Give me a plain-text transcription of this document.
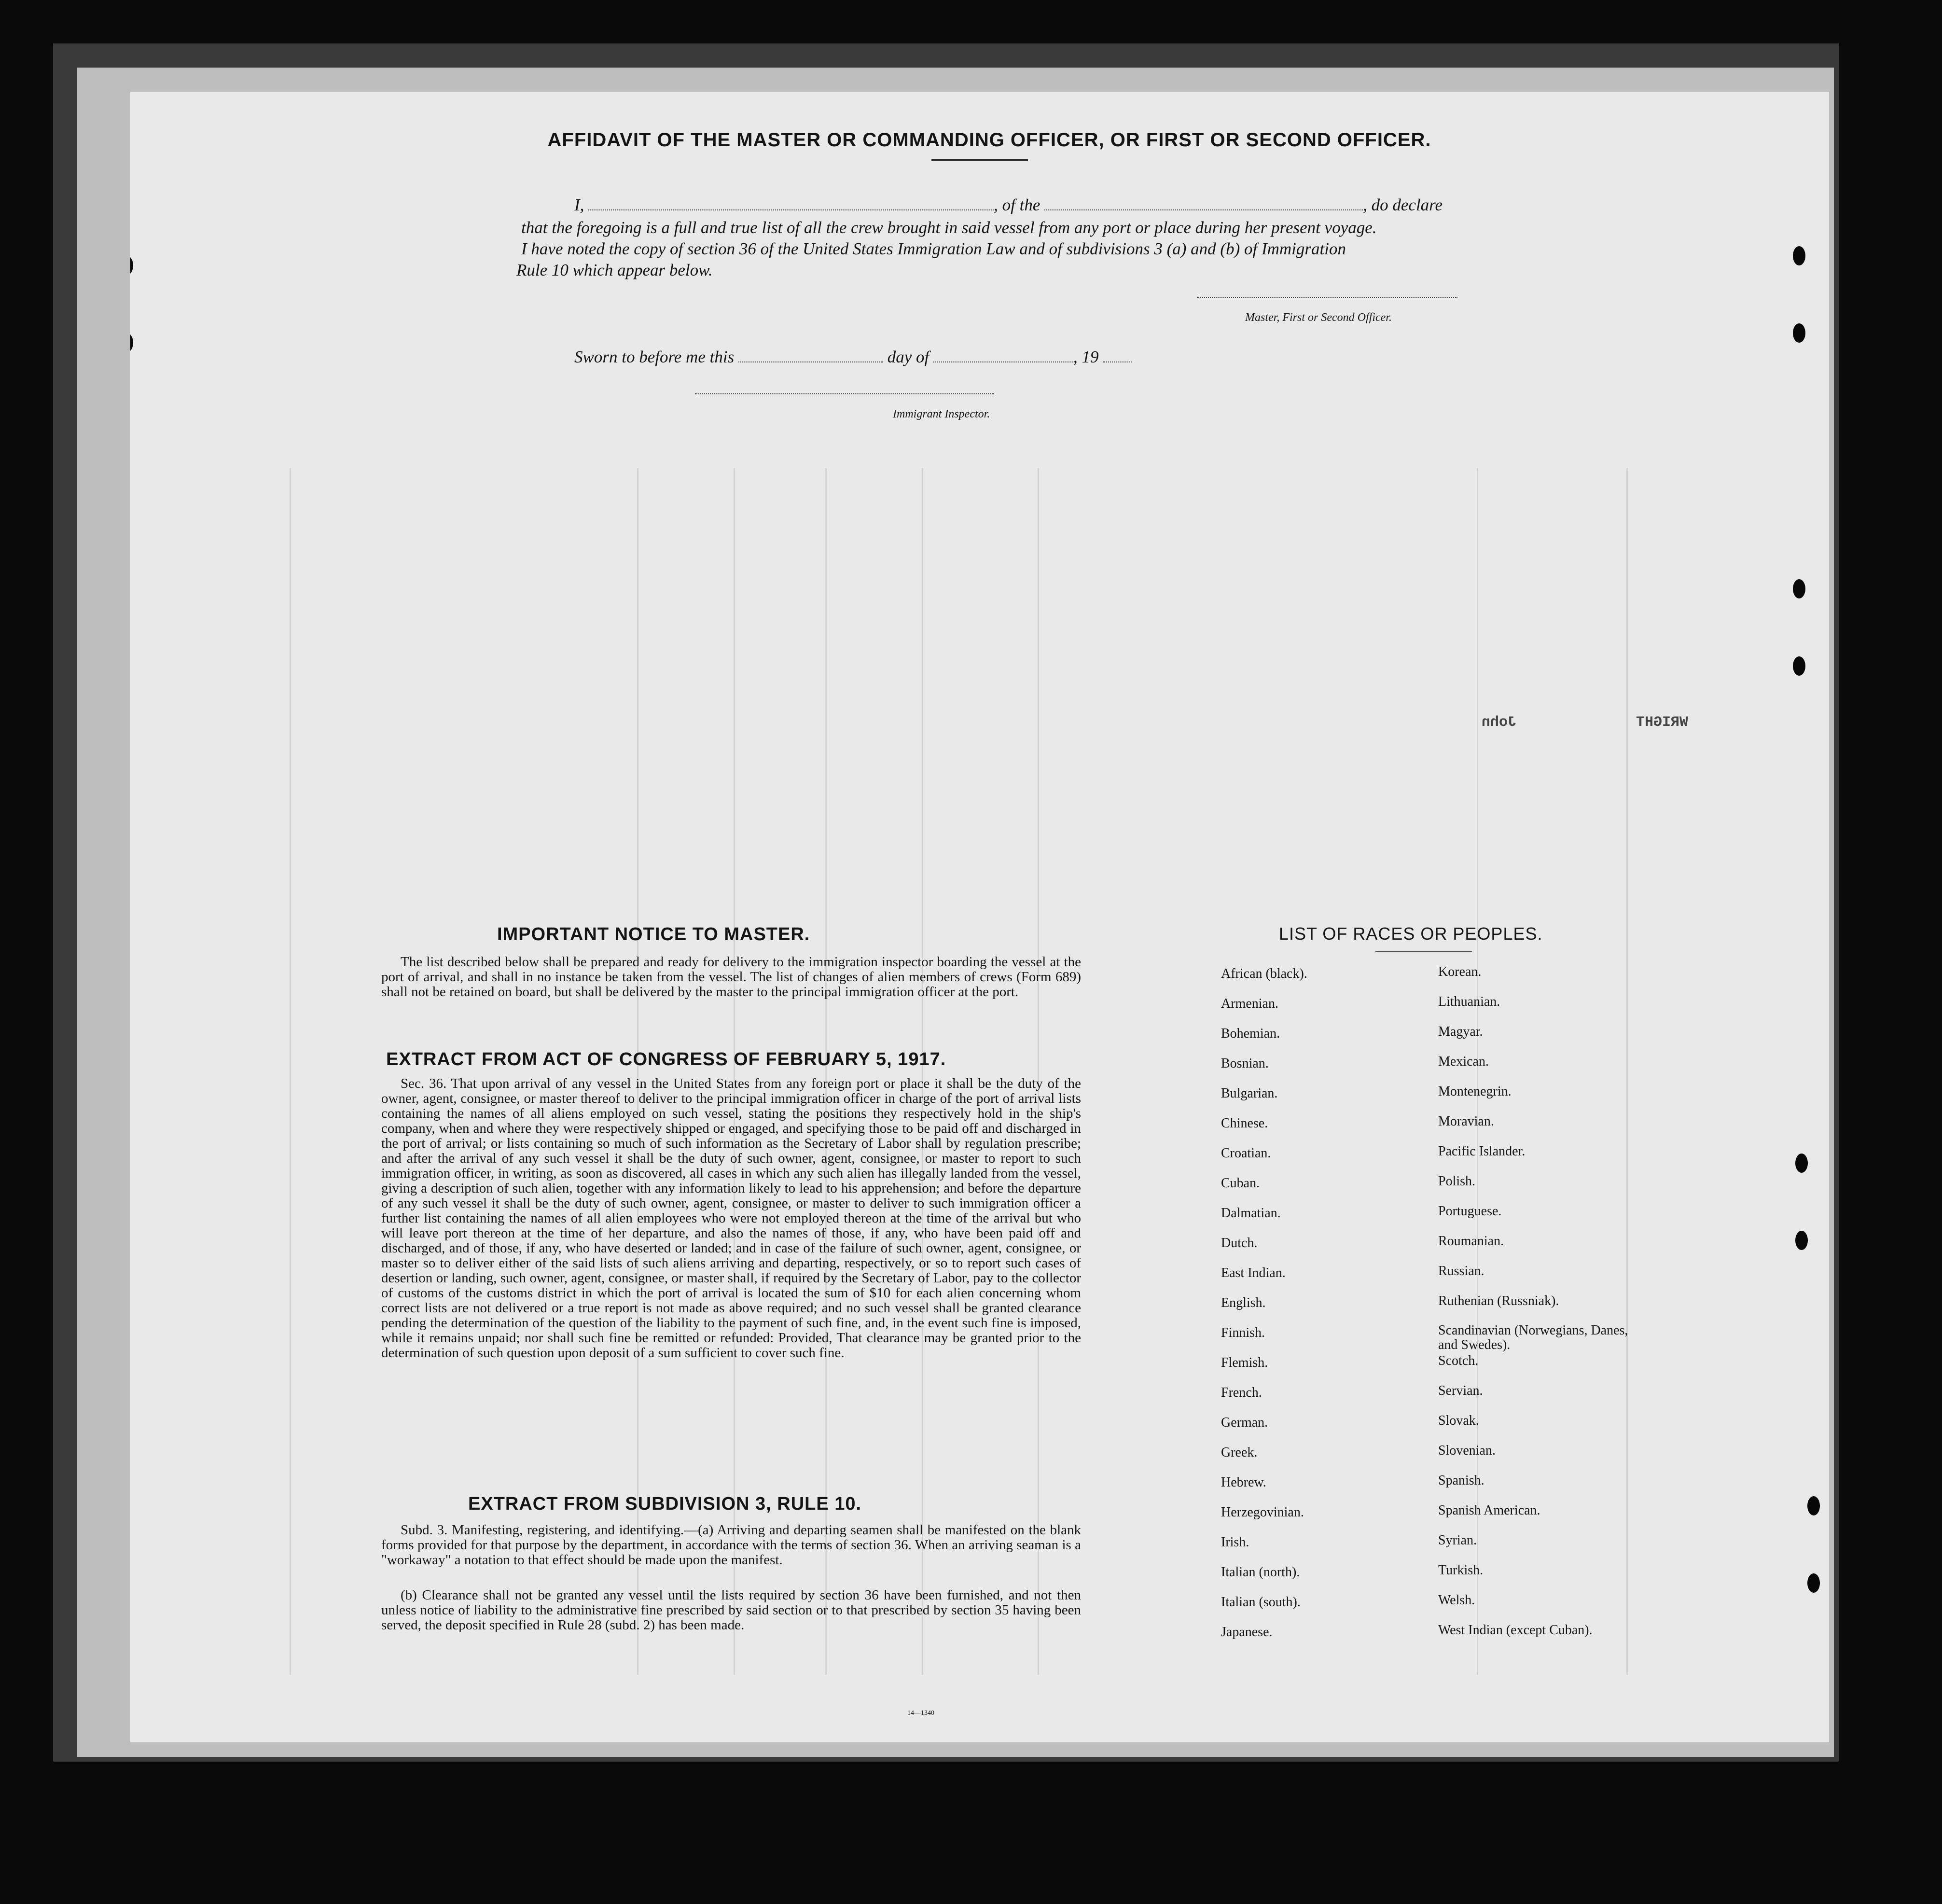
John	WRIGHT
AFFIDAVIT OF THE MASTER OR COMMANDING OFFICER, OR FIRST OR SECOND OFFICER.
I,	, of the	, do declare
that the foregoing is a full and true list of all the crew brought in said vessel from any port or place during her present voyage.
I have noted the copy of section 36 of the United States Immigration Law and of subdivisions 3 (a) and (b) of Immigration
Rule 10 which appear below.
Master, First or Second Officer.
Sworn to before me this	day of	, 19
Immigrant Inspector.
IMPORTANT NOTICE TO MASTER.
The list described below shall be prepared and ready for delivery to the immigration inspector boarding the vessel at the port of arrival, and shall in no instance be taken from the vessel. The list of changes of alien members of crews (Form 689) shall not be retained on board, but shall be delivered by the master to the principal immigration officer at the port.
EXTRACT FROM ACT OF CONGRESS OF FEBRUARY 5, 1917.
Sec. 36. That upon arrival of any vessel in the United States from any foreign port or place it shall be the duty of the owner, agent, consignee, or master thereof to deliver to the principal immigration officer in charge of the port of arrival lists containing the names of all aliens employed on such vessel, stating the positions they respectively hold in the ship's company, when and where they were respectively shipped or engaged, and specifying those to be paid off and discharged in the port of arrival; or lists containing so much of such information as the Secretary of Labor shall by regulation prescribe; and after the arrival of any such vessel it shall be the duty of such owner, agent, consignee, or master to report to such immigration officer, in writing, as soon as discovered, all cases in which any such alien has illegally landed from the vessel, giving a description of such alien, together with any information likely to lead to his apprehension; and before the departure of any such vessel it shall be the duty of such owner, agent, consignee, or master to deliver to such immigration officer a further list containing the names of all alien employees who were not employed thereon at the time of the arrival but who will leave port thereon at the time of her departure, and also the names of those, if any, who have been paid off and discharged, and of those, if any, who have deserted or landed; and in case of the failure of such owner, agent, consignee, or master so to deliver either of the said lists of such aliens arriving and departing, respectively, or so to report such cases of desertion or landing, such owner, agent, consignee, or master shall, if required by the Secretary of Labor, pay to the collector of customs of the customs district in which the port of arrival is located the sum of $10 for each alien concerning whom correct lists are not delivered or a true report is not made as above required; and no such vessel shall be granted clearance pending the determination of the question of the liability to the payment of such fine, and, in the event such fine is imposed, while it remains unpaid; nor shall such fine be remitted or refunded: Provided, That clearance may be granted prior to the determination of such question upon deposit of a sum sufficient to cover such fine.
EXTRACT FROM SUBDIVISION 3, RULE 10.
Subd. 3. Manifesting, registering, and identifying.—(a) Arriving and departing seamen shall be manifested on the blank forms provided for that purpose by the department, in accordance with the terms of section 36. When an arriving seaman is a "workaway" a notation to that effect should be made upon the manifest.
(b) Clearance shall not be granted any vessel until the lists required by section 36 have been furnished, and not then unless notice of liability to the administrative fine prescribed by said section or to that prescribed by section 35 having been served, the deposit specified in Rule 28 (subd. 2) has been made.
14—1340
LIST OF RACES OR PEOPLES.
African (black).
Armenian.
Bohemian.
Bosnian.
Bulgarian.
Chinese.
Croatian.
Cuban.
Dalmatian.
Dutch.
East Indian.
English.
Finnish.
Flemish.
French.
German.
Greek.
Hebrew.
Herzegovinian.
Irish.
Italian (north).
Italian (south).
Japanese.
Korean.
Lithuanian.
Magyar.
Mexican.
Montenegrin.
Moravian.
Pacific Islander.
Polish.
Portuguese.
Roumanian.
Russian.
Ruthenian (Russniak).
Scandinavian (Norwegians, Danes, and Swedes).
Scotch.
Servian.
Slovak.
Slovenian.
Spanish.
Spanish American.
Syrian.
Turkish.
Welsh.
West Indian (except Cuban).
